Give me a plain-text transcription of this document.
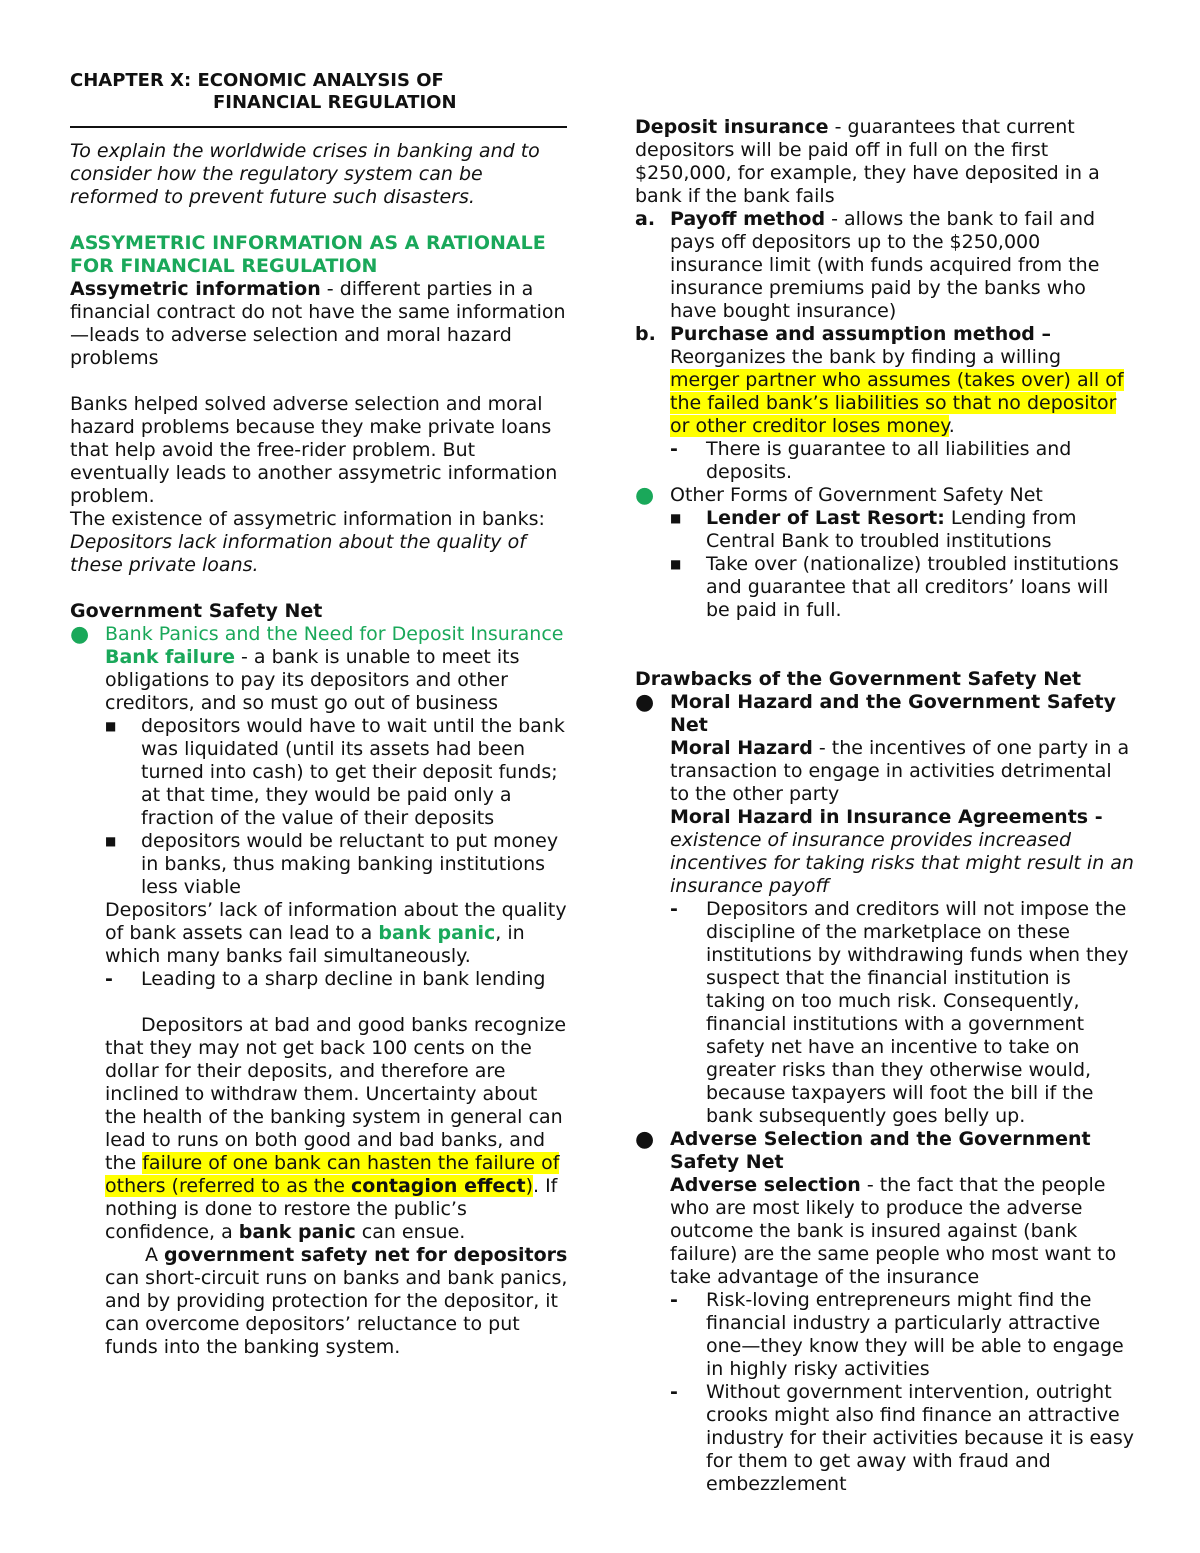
CHAPTER X: ECONOMIC ANALYSIS OF
FINANCIAL REGULATION

To explain the worldwide crises in banking and to consider how the regulatory system can be reformed to prevent future such disasters.

ASSYMETRIC INFORMATION AS A RATIONALE FOR FINANCIAL REGULATION

Assymetric information - different parties in a financial contract do not have the same information—leads to adverse selection and moral hazard problems

Banks helped solved adverse selection and moral hazard problems because they make private loans

that help avoid the free-rider problem. But eventually leads to another assymetric information problem.

The existence of assymetric information in banks:

Depositors lack information about the quality of these private loans.

Government Safety Net

● Bank Panics and the Need for Deposit Insurance

Bank failure - a bank is unable to meet its obligations to pay its depositors and other creditors, and so must go out of business

■	depositors would have to wait until the bank was liquidated (until its assets had been turned into cash) to get their deposit funds; at that time, they would be paid only a fraction of the value of their deposits

■	depositors would be reluctant to put money in banks, thus making banking institutions less viable

Depositors’ lack of information about the quality of bank assets can lead to a bank panic, in which many banks fail simultaneously.

-	Leading to a sharp decline in bank lending

Depositors at bad and good banks recognize that they may not get back 100 cents on the dollar for their deposits, and therefore are inclined to withdraw them. Uncertainty about the health of the banking system in general can lead to runs on both good and bad banks, and the failure of one bank can hasten the failure of others (referred to as the contagion effect). If nothing is done to restore the public’s confidence, a bank panic can ensue.

A government safety net for depositors can short-circuit runs on banks and bank panics, and by providing protection for the depositor, it can overcome depositors’ reluctance to put funds into the banking system.

Deposit insurance - guarantees that current depositors will be paid off in full on the first $250,000, for example, they have deposited in a bank if the bank fails

a. Payoff method - allows the bank to fail and pays off depositors up to the $250,000 insurance limit (with funds acquired from the insurance premiums paid by the banks who have bought insurance)

b. Purchase and assumption method –
Reorganizes the bank by finding a willing merger partner who assumes (takes over) all of the failed bank’s liabilities so that no depositor or other creditor loses money.

-	There is guarantee to all liabilities and deposits.

● Other Forms of Government Safety Net

■	Lender of Last Resort: Lending from Central Bank to troubled institutions

■	Take over (nationalize) troubled institutions and guarantee that all creditors’ loans will be paid in full.

Drawbacks of the Government Safety Net

● Moral Hazard and the Government Safety Net

Moral Hazard - the incentives of one party in a transaction to engage in activities detrimental to the other party

Moral Hazard in Insurance Agreements -
existence of insurance provides increased incentives for taking risks that might result in an insurance payoff

-	Depositors and creditors will not impose the discipline of the marketplace on these institutions by withdrawing funds when they suspect that the financial institution is taking on too much risk. Consequently, financial institutions with a government safety net have an incentive to take on greater risks than they otherwise would, because taxpayers will foot the bill if the bank subsequently goes belly up.

● Adverse Selection and the Government Safety Net

Adverse selection - the fact that the people who are most likely to produce the adverse outcome the bank is insured against (bank failure) are the same people who most want to take advantage of the insurance

-	Risk-loving entrepreneurs might find the financial industry a particularly attractive one—they know they will be able to engage in highly risky activities

-	Without government intervention, outright crooks might also find finance an attractive industry for their activities because it is easy for them to get away with fraud and embezzlement
